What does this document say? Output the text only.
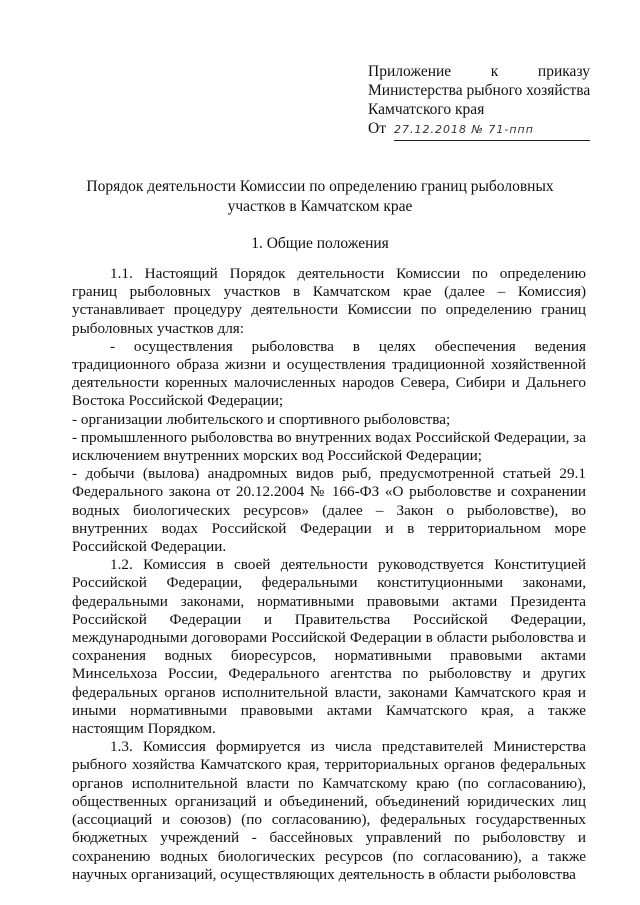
Приложение к приказу
Министерства рыбного хозяйства
Камчатского края
От 27.12.2018 № 71-ппп
Порядок деятельности Комиссии по определению границ рыболовных участков в Камчатском крае
1. Общие положения

1.1. Настоящий Порядок деятельности Комиссии по определению границ рыболовных участков в Камчатском крае (далее – Комиссия) устанавливает процедуру деятельности Комиссии по определению границ рыболовных участков для:

- осуществления рыболовства в целях обеспечения ведения традиционного образа жизни и осуществления традиционной хозяйственной деятельности коренных малочисленных народов Севера, Сибири и Дальнего Востока Российской Федерации;

- организации любительского и спортивного рыболовства;

- промышленного рыболовства во внутренних водах Российской Федерации, за исключением внутренних морских вод Российской Федерации;

- добычи (вылова) анадромных видов рыб, предусмотренной статьей 29.1 Федерального закона от 20.12.2004 № 166-ФЗ «О рыболовстве и сохранении водных биологических ресурсов» (далее – Закон о рыболовстве), во внутренних водах Российской Федерации и в территориальном море Российской Федерации.

1.2. Комиссия в своей деятельности руководствуется Конституцией Российской Федерации, федеральными конституционными законами, федеральными законами, нормативными правовыми актами Президента Российской Федерации и Правительства Российской Федерации, международными договорами Российской Федерации в области рыболовства и сохранения водных биоресурсов, нормативными правовыми актами Минсельхоза России, Федерального агентства по рыболовству и других федеральных органов исполнительной власти, законами Камчатского края и иными нормативными правовыми актами Камчатского края, а также настоящим Порядком.

1.3. Комиссия формируется из числа представителей Министерства рыбного хозяйства Камчатского края, территориальных органов федеральных органов исполнительной власти по Камчатскому краю (по согласованию), общественных организаций и объединений, объединений юридических лиц (ассоциаций и союзов) (по согласованию), федеральных государственных бюджетных учреждений - бассейновых управлений по рыболовству и сохранению водных биологических ресурсов (по согласованию), а также научных организаций, осуществляющих деятельность в области рыболовства
